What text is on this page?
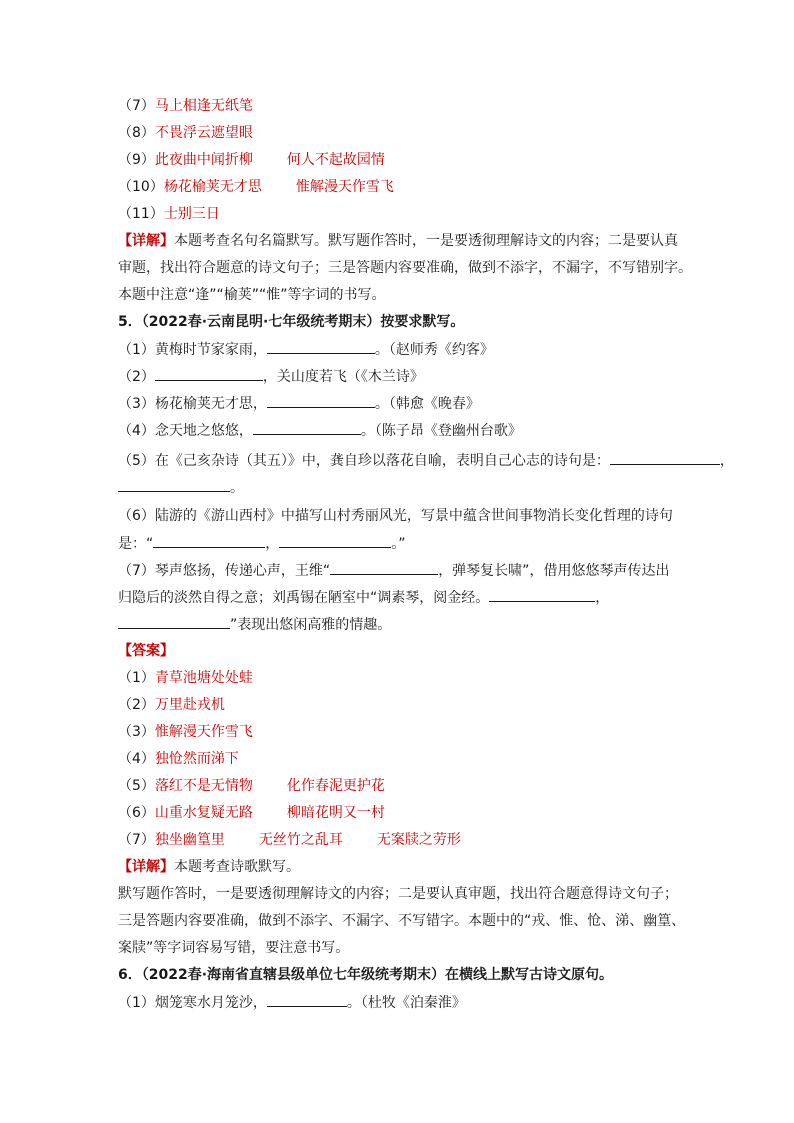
（7）马上相逢无纸笔

（8）不畏浮云遮望眼

（9）此夜曲中闻折柳 何人不起故园情

（10）杨花榆荚无才思 惟解漫天作雪飞

（11）士别三日

【详解】本题考查名句名篇默写。默写题作答时，一是要透彻理解诗文的内容；二是要认真

审题，找出符合题意的诗文句子；三是答题内容要准确，做到不添字，不漏字，不写错别字。

本题中注意“逢”“榆荚”“惟”等字词的书写。

5．（2022春·云南昆明·七年级统考期末）按要求默写。

（1）黄梅时节家家雨，	。（赵师秀《约客》

（2）	，关山度若飞（《木兰诗》

（3）杨花榆荚无才思，	。（韩愈《晚春》

（4）念天地之悠悠，	。（陈子昂《登幽州台歌》

（5）在《己亥杂诗（其五）》中，龚自珍以落花自喻，表明自己心志的诗句是：	，

。

（6）陆游的《游山西村》中描写山村秀丽风光，写景中蕴含世间事物消长变化哲理的诗句

是：“	，	。”

（7）琴声悠扬，传递心声，王维“	，弹琴复长啸”，借用悠悠琴声传达出

归隐后的淡然自得之意；刘禹锡在陋室中“调素琴，阅金经。	，

”表现出悠闲高雅的情趣。

【答案】

（1）青草池塘处处蛙

（2）万里赴戎机

（3）惟解漫天作雪飞

（4）独怆然而涕下

（5）落红不是无情物 化作春泥更护花

（6）山重水复疑无路 柳暗花明又一村

（7）独坐幽篁里 无丝竹之乱耳 无案牍之劳形

【详解】本题考查诗歌默写。

默写题作答时，一是要透彻理解诗文的内容；二是要认真审题，找出符合题意得诗文句子；

三是答题内容要准确，做到不添字、不漏字、不写错字。本题中的“戎、惟、怆、涕、幽篁、

案牍”等字词容易写错，要注意书写。

6．（2022春·海南省直辖县级单位七年级统考期末）在横线上默写古诗文原句。

（1）烟笼寒水月笼沙，	。（杜牧《泊秦淮》
